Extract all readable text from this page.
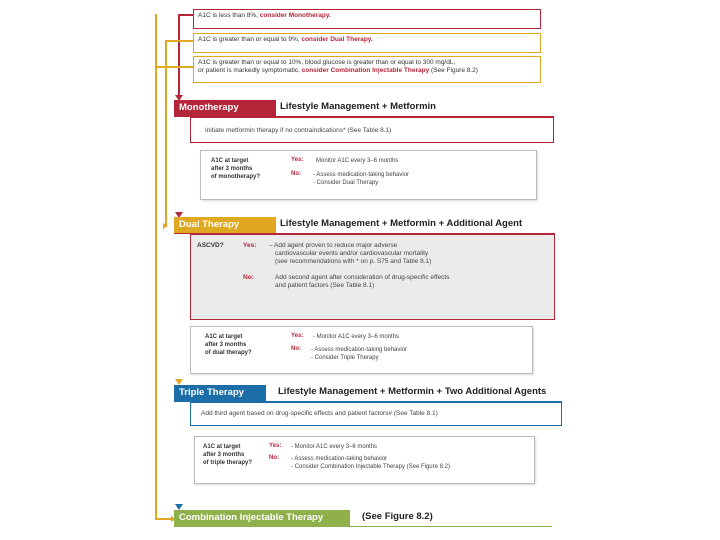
A1C is less than 8%, consider Monotherapy.
A1C is greater than or equal to 9%, consider Dual Therapy.
A1C is greater than or equal to 10%, blood glucose is greater than or equal to 300 mg/dL,
or patient is markedly symptomatic, consider Combination Injectable Therapy (See Figure 8.2)
Monotherapy	Lifestyle Management + Metformin
Initiate metformin therapy if no contraindications* (See Table 8.1)
A1C at target
after 3 months
of monotherapy?
Yes: Monitor A1C every 3–6 months
No: - Assess medication-taking behavior
- Consider Dual Therapy
Dual Therapy	Lifestyle Management + Metformin + Additional Agent
ASCVD?	Yes: – Add agent proven to reduce major adverse
cardiovascular events and/or cardiovascular mortality
(see recommendations with * on p. S75 and Table 8.1)
No:	Add second agent after consideration of drug-specific effects
and patient factors (See Table 8.1)
A1C at target
after 3 months
of dual therapy?
Yes: - Monitor A1C every 3–6 months
No: - Assess medication-taking behavior
- Consider Triple Therapy
Triple Therapy	Lifestyle Management + Metformin + Two Additional Agents
Add third agent based on drug-specific effects and patient factors# (See Table 8.1)
A1C at target
after 3 months
of triple therapy?
Yes: - Monitor A1C every 3–6 months
No: - Assess medication-taking behavior
- Consider Combination Injectable Therapy (See Figure 8.2)
Combination Injectable Therapy	(See Figure 8.2)
